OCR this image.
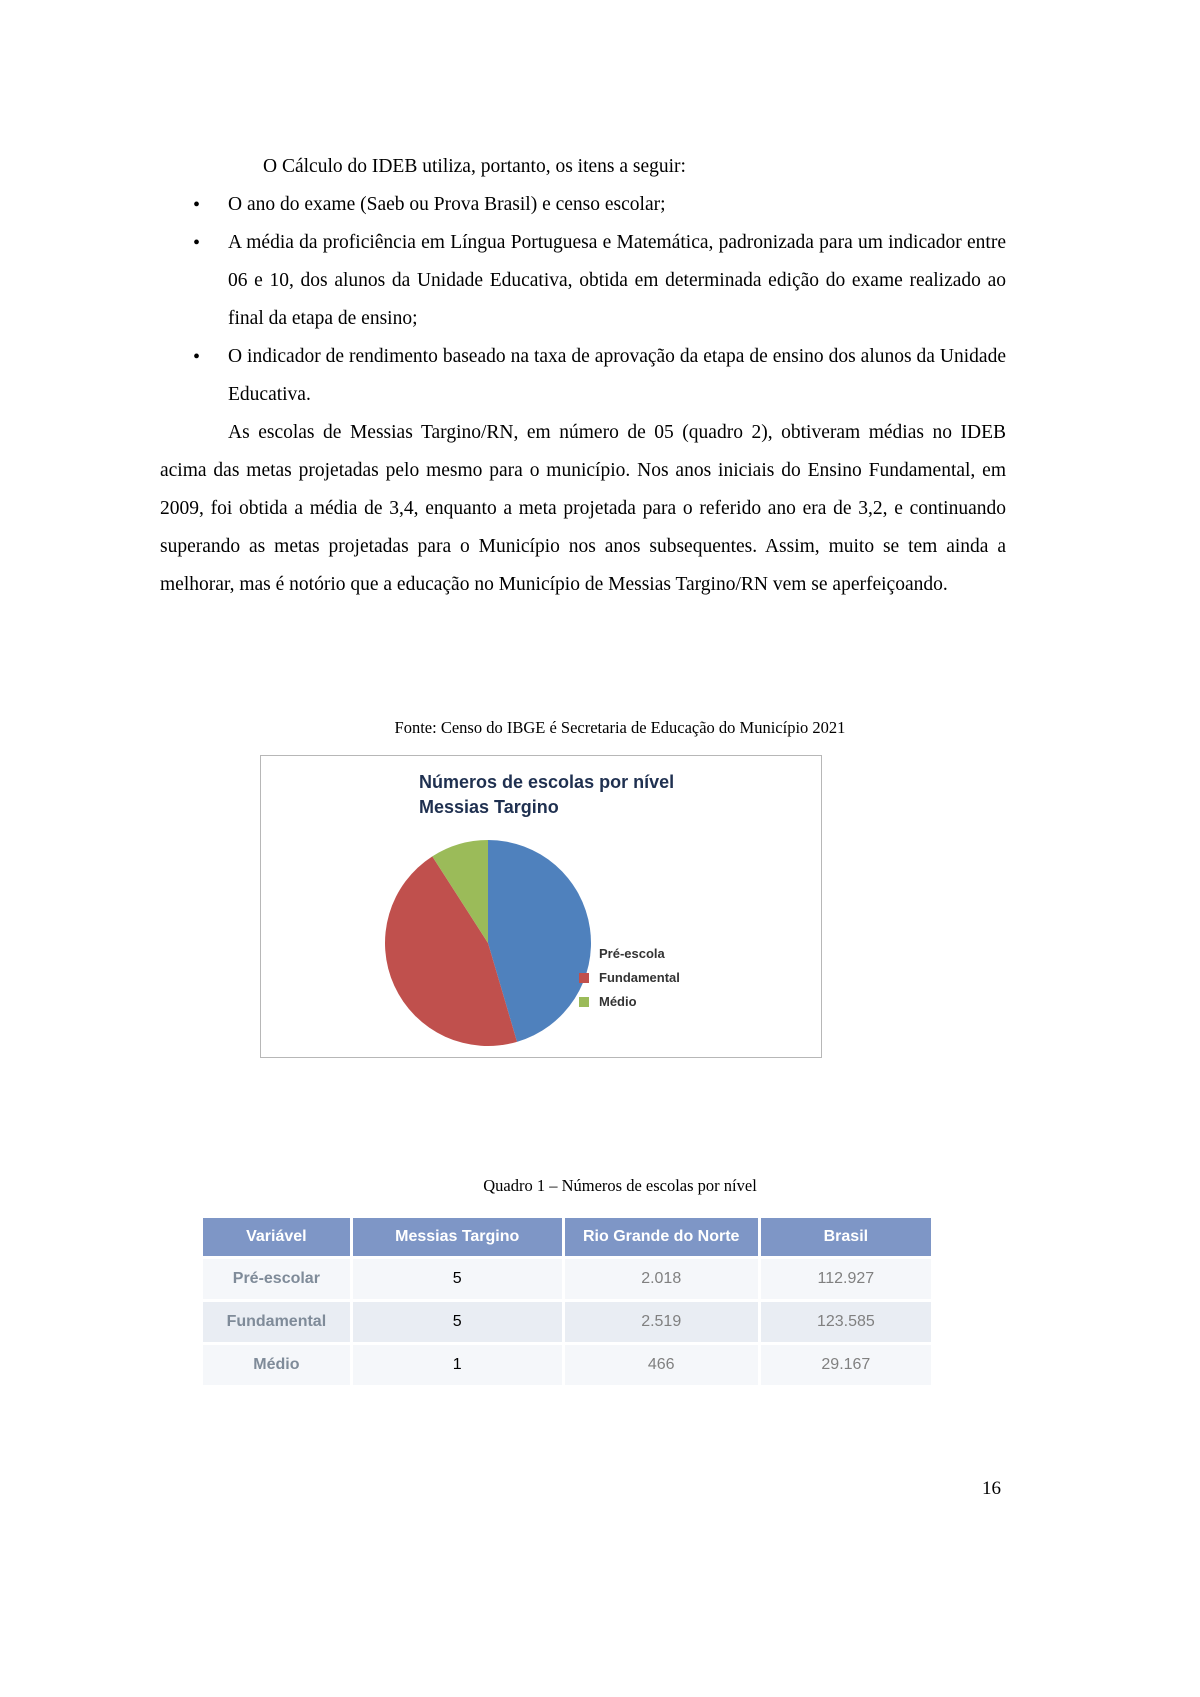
O Cálculo do IDEB utiliza, portanto, os itens a seguir:

• O ano do exame (Saeb ou Prova Brasil) e censo escolar;
• A média da proficiência em Língua Portuguesa e Matemática, padronizada para um indicador entre 06 e 10, dos alunos da Unidade Educativa, obtida em determinada edição do exame realizado ao final da etapa de ensino;
• O indicador de rendimento baseado na taxa de aprovação da etapa de ensino dos alunos da Unidade Educativa.

As escolas de Messias Targino/RN, em número de 05 (quadro 2), obtiveram médias no IDEB acima das metas projetadas pelo mesmo para o município. Nos anos iniciais do Ensino Fundamental, em 2009, foi obtida a média de 3,4, enquanto a meta projetada para o referido ano era de 3,2, e continuando superando as metas projetadas para o Município nos anos subsequentes. Assim, muito se tem ainda a melhorar, mas é notório que a educação no Município de Messias Targino/RN vem se aperfeiçoando.

Fonte: Censo do IBGE é Secretaria de Educação do Município 2021
Números de escolas por nível
Messias Targino
Pré-escola
Fundamental
Médio
Quadro 1 – Números de escolas por nível
Variável	Messias Targino	Rio Grande do Norte	Brasil
Pré-escolar	5	2.018	112.927
Fundamental	5	2.519	123.585
Médio	1	466	29.167
16
